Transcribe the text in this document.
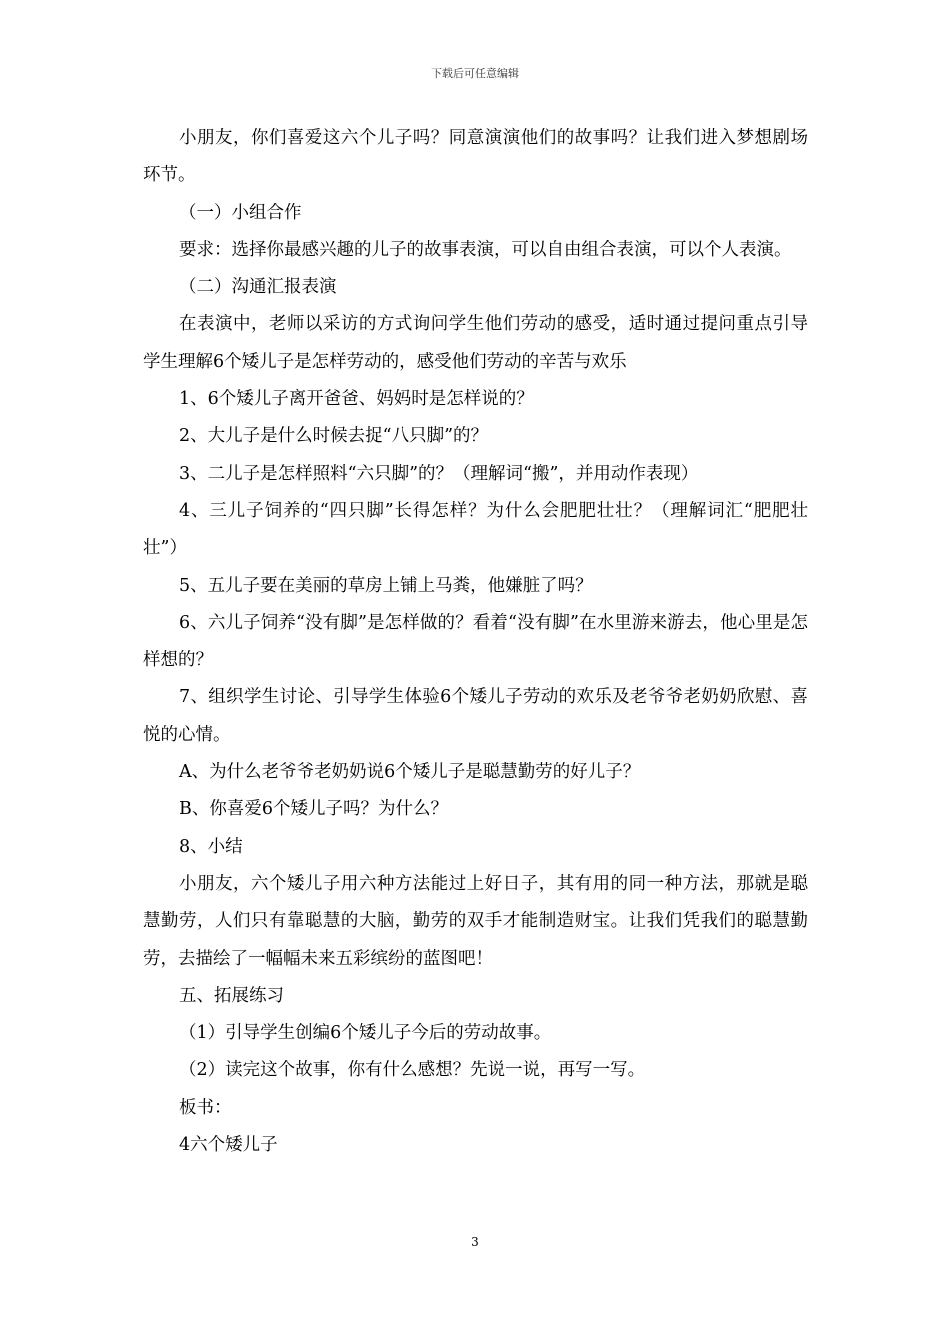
下载后可任意编辑

小朋友，你们喜爱这六个儿子吗？同意演演他们的故事吗？让我们进入梦想剧场环节。

（一）小组合作

要求：选择你最感兴趣的儿子的故事表演，可以自由组合表演，可以个人表演。

（二）沟通汇报表演

在表演中，老师以采访的方式询问学生他们劳动的感受，适时通过提问重点引导学生理解6个矮儿子是怎样劳动的，感受他们劳动的辛苦与欢乐

1、6个矮儿子离开爸爸、妈妈时是怎样说的？

2、大儿子是什么时候去捉“八只脚”的？

3、二儿子是怎样照料“六只脚”的？（理解词“搬”，并用动作表现）

4、三儿子饲养的“四只脚”长得怎样？为什么会肥肥壮壮？（理解词汇“肥肥壮壮”）

5、五儿子要在美丽的草房上铺上马粪，他嫌脏了吗？

6、六儿子饲养“没有脚”是怎样做的？看着“没有脚”在水里游来游去，他心里是怎样想的？

7、组织学生讨论、引导学生体验6个矮儿子劳动的欢乐及老爷爷老奶奶欣慰、喜悦的心情。

A、为什么老爷爷老奶奶说6个矮儿子是聪慧勤劳的好儿子？

B、你喜爱6个矮儿子吗？为什么？

8、小结

小朋友，六个矮儿子用六种方法能过上好日子，其有用的同一种方法，那就是聪慧勤劳，人们只有靠聪慧的大脑，勤劳的双手才能制造财宝。让我们凭我们的聪慧勤劳，去描绘了一幅幅未来五彩缤纷的蓝图吧！

五、拓展练习

（1）引导学生创编6个矮儿子今后的劳动故事。

（2）读完这个故事，你有什么感想？先说一说，再写一写。

板书：

4六个矮儿子

3
